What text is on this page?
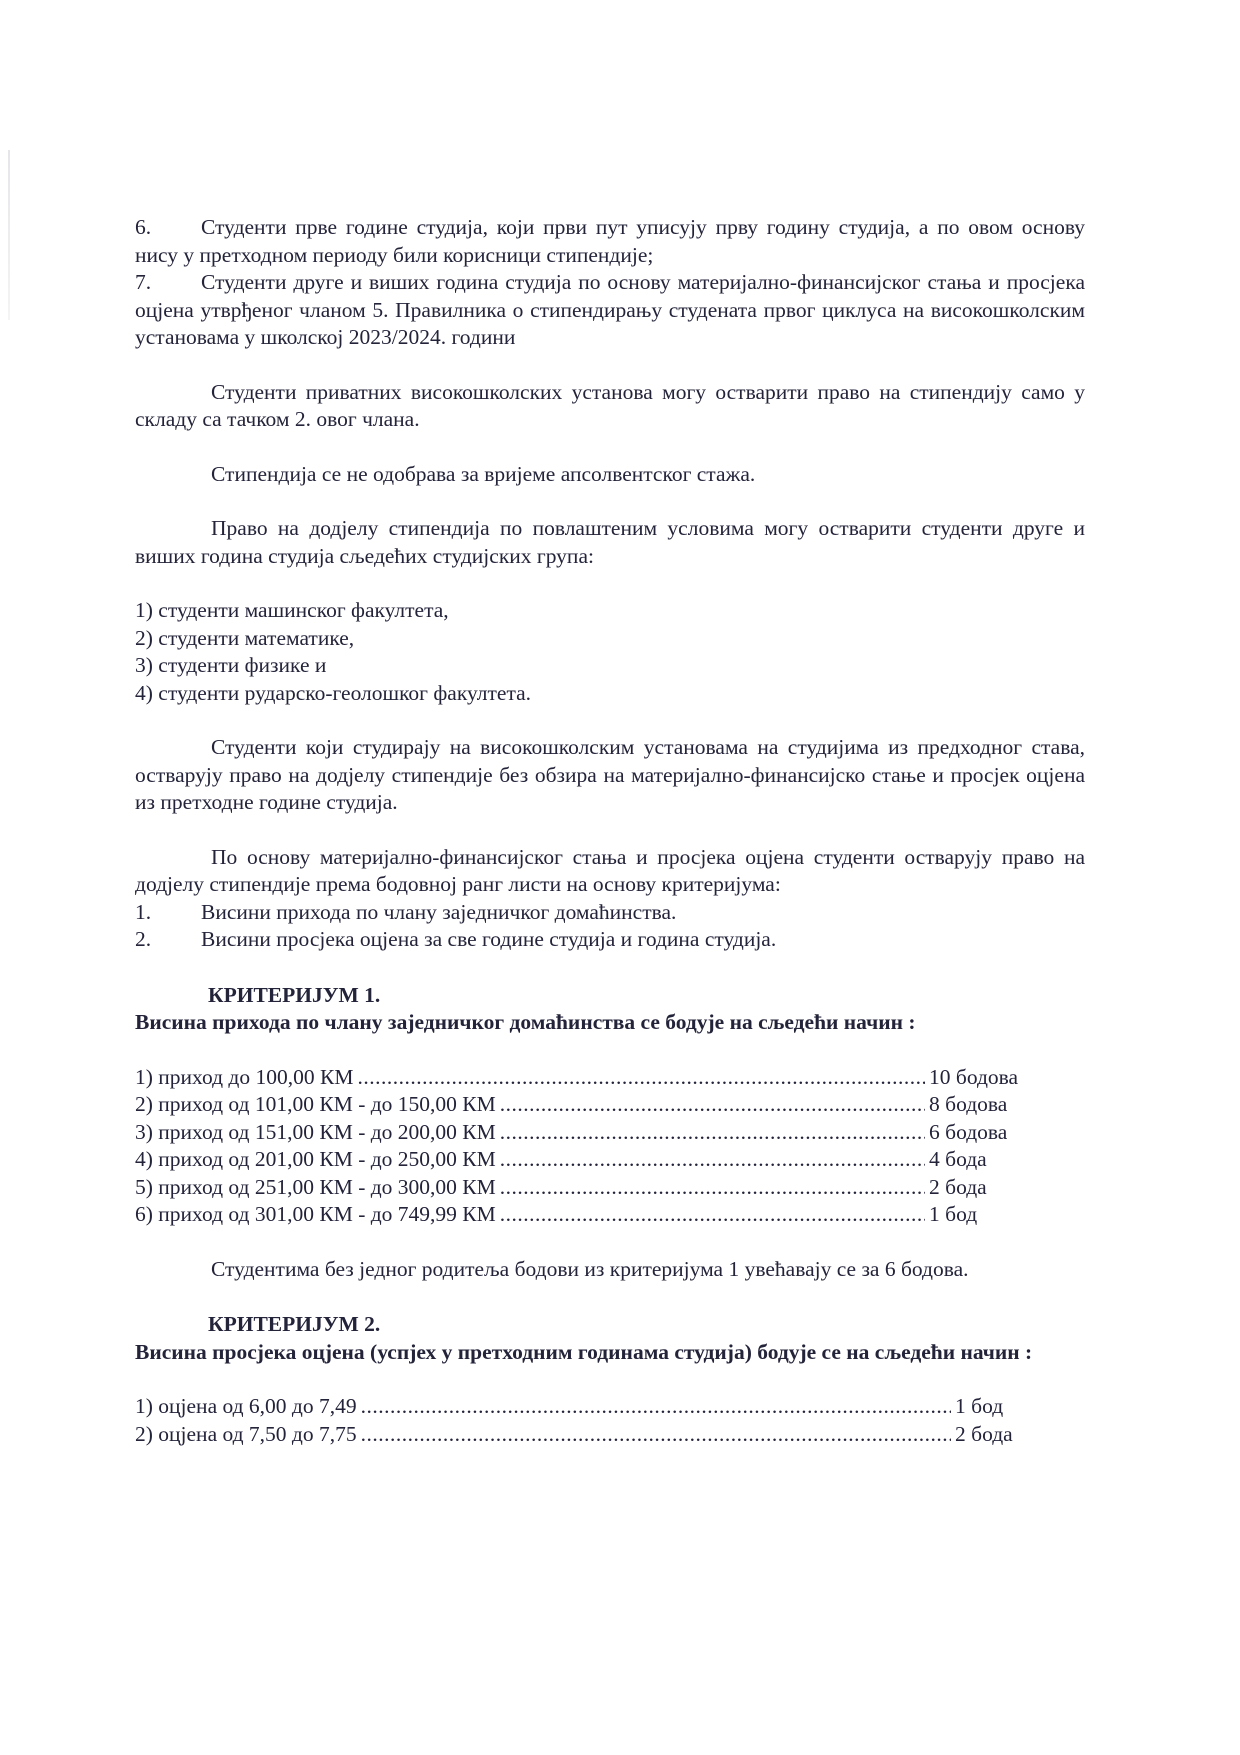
6. Студенти прве године студија, који први пут уписују прву годину студија, а по овом основу нису у претходном периоду били корисници стипендије;

7. Студенти друге и виших година студија по основу материјално-финансијског стања и просјека оцјена утврђеног чланом 5. Правилника о стипендирању студената првог циклуса на високошколским установама у школској 2023/2024. години

Студенти приватних високошколских установа могу остварити право на стипендију само у складу са тачком 2. овог члана.

Стипендија се не одобрава за вријеме апсолвентског стажа.

Право на додјелу стипендија по повлаштеним условима могу остварити студенти друге и виших година студија сљедећих студијских група:

1) студенти машинског факултета,
2) студенти математике,
3) студенти физике и
4) студенти рударско-геолошког факултета.

Студенти који студирају на високошколским установама на студијима из предходног става, остварују право на додјелу стипендије без обзира на материјално-финансијско стање и просјек оцјена из претходне године студија.

По основу материјално-финансијског стања и просјека оцјена студенти остварују право на додјелу стипендије према бодовној ранг листи на основу критеријума:

1. Висини прихода по члану заједничког домаћинства.
2. Висини просјека оцјена за све године студија и година студија.

КРИТЕРИЈУМ 1.

Висина прихода по члану заједничког домаћинства се бодује на сљедећи начин :

1) приход до 100,00 КМ .....	10 бодова
2) приход од 101,00 КМ - до 150,00 КМ .....	8 бодова
3) приход од 151,00 КМ - до 200,00 КМ .....	6 бодова
4) приход од 201,00 КМ - до 250,00 КМ .....	4 бода
5) приход од 251,00 КМ - до 300,00 КМ .....	2 бода
6) приход од 301,00 КМ - до 749,99 КМ .....	1 бод

Студентима без једног родитеља бодови из критеријума 1 увећавају се за 6 бодова.

КРИТЕРИЈУМ 2.

Висина просјека оцјена (успјех у претходним годинама студија) бодује се на сљедећи начин :

1) оцјена од 6,00 до 7,49 .....	1 бод
2) оцјена од 7,50 до 7,75 .....	2 бода
